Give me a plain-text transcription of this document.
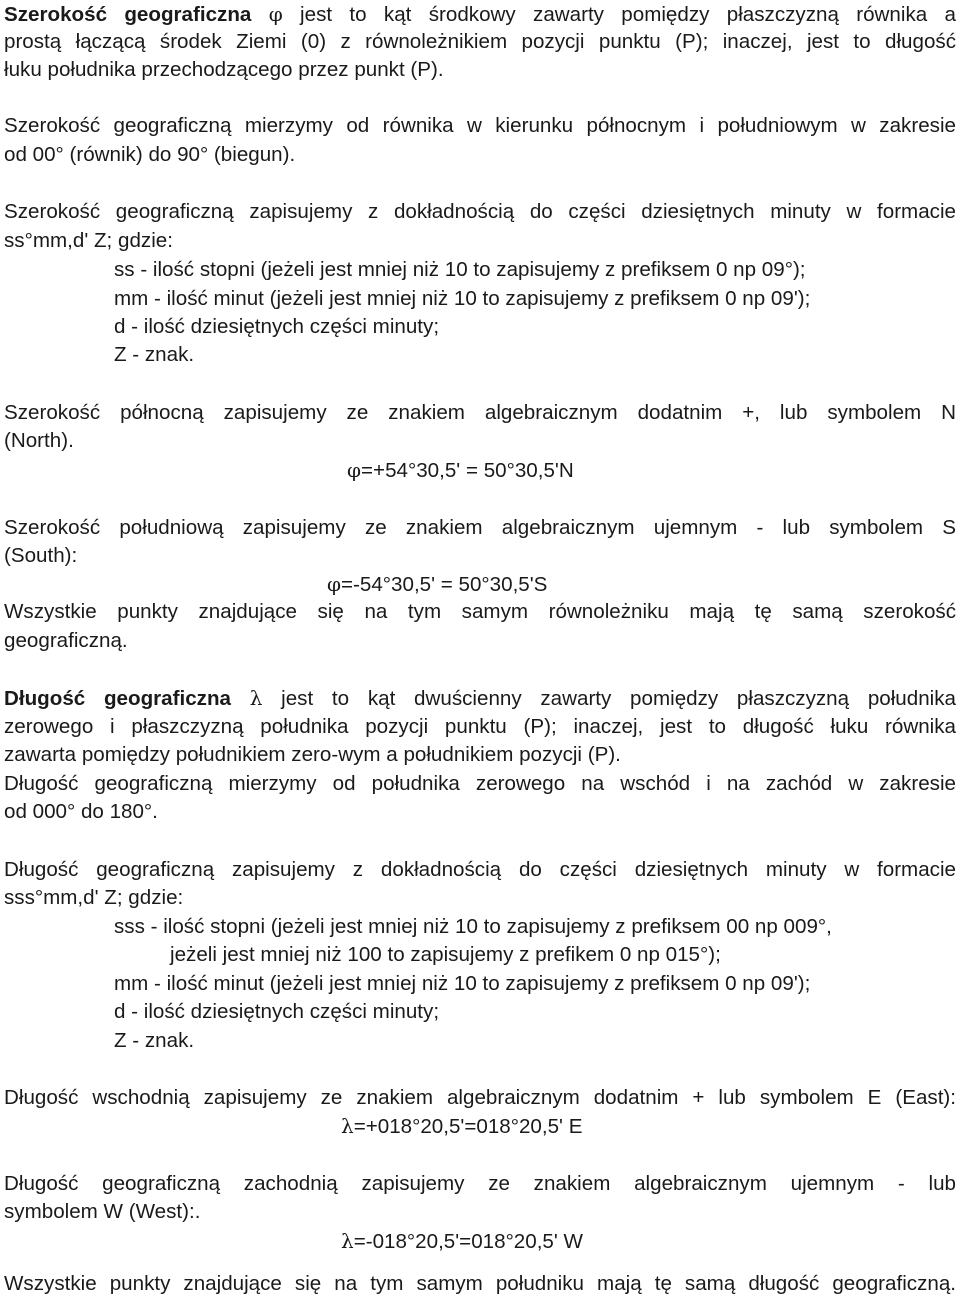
Szerokość geograficzna φ jest to kąt środkowy zawarty pomiędzy płaszczyzną równika a
prostą łączącą środek Ziemi (0) z równoleżnikiem pozycji punktu (P); inaczej, jest to długość
łuku południka przechodzącego przez punkt (P).
Szerokość geograficzną mierzymy od równika w kierunku północnym i południowym w zakresie
od 00° (równik) do 90° (biegun).
Szerokość geograficzną zapisujemy z dokładnością do części dziesiętnych minuty w formacie
ss°mm,d' Z; gdzie:
ss - ilość stopni (jeżeli jest mniej niż 10 to zapisujemy z prefiksem 0 np 09°);
mm - ilość minut (jeżeli jest mniej niż 10 to zapisujemy z prefiksem 0 np 09');
d - ilość dziesiętnych części minuty;
Z - znak.
Szerokość północną zapisujemy ze znakiem algebraicznym dodatnim +, lub symbolem N
(North).
φ=+54°30,5' = 50°30,5'N
Szerokość południową zapisujemy ze znakiem algebraicznym ujemnym - lub symbolem S
(South):
φ=-54°30,5' = 50°30,5'S
Wszystkie punkty znajdujące się na tym samym równoleżniku mają tę samą szerokość
geograficzną.
Długość geograficzna λ jest to kąt dwuścienny zawarty pomiędzy płaszczyzną południka
zerowego i płaszczyzną południka pozycji punktu (P); inaczej, jest to długość łuku równika
zawarta pomiędzy południkiem zero-wym a południkiem pozycji (P).
Długość geograficzną mierzymy od południka zerowego na wschód i na zachód w zakresie
od 000° do 180°.
Długość geograficzną zapisujemy z dokładnością do części dziesiętnych minuty w formacie
sss°mm,d' Z; gdzie:
sss - ilość stopni (jeżeli jest mniej niż 10 to zapisujemy z prefiksem 00 np 009°,
jeżeli jest mniej niż 100 to zapisujemy z prefikem 0 np 015°);
mm - ilość minut (jeżeli jest mniej niż 10 to zapisujemy z prefiksem 0 np 09');
d - ilość dziesiętnych części minuty;
Z - znak.
Długość wschodnią zapisujemy ze znakiem algebraicznym dodatnim + lub symbolem E (East):
λ=+018°20,5'=018°20,5' E
Długość geograficzną zachodnią zapisujemy ze znakiem algebraicznym ujemnym - lub
symbolem W (West):.
λ=-018°20,5'=018°20,5' W
Wszystkie punkty znajdujące się na tym samym południku mają tę samą długość geograficzną.
